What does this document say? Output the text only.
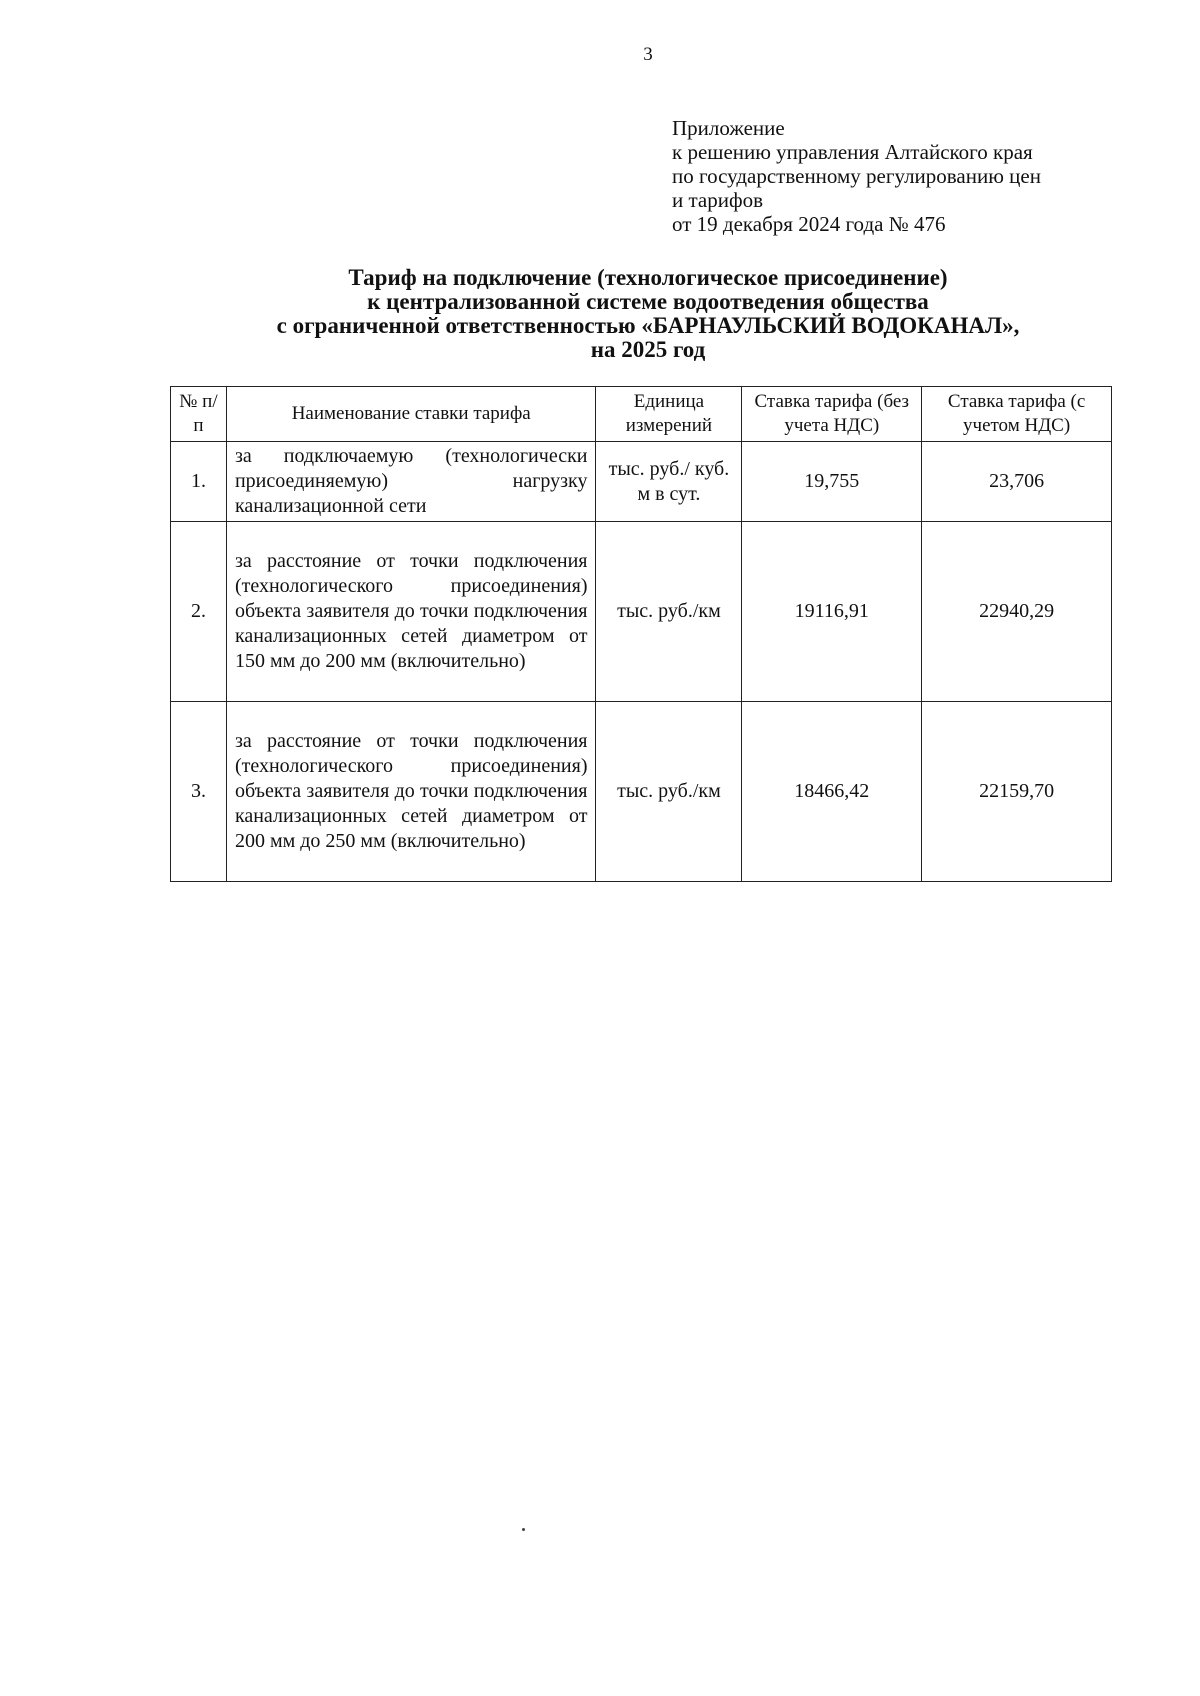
3
Приложение
к решению управления Алтайского края
по государственному регулированию цен
и тарифов
от 19 декабря 2024 года № 476
Тариф на подключение (технологическое присоединение)
к централизованной системе водоотведения общества
с ограниченной ответственностью «БАРНАУЛЬСКИЙ ВОДОКАНАЛ»,
на 2025 год
№ п/п	Наименование ставки тарифа	Единица измерений	Ставка тарифа (без учета НДС)	Ставка тарифа (с учетом НДС)
1.	за подключаемую (технологически присоединяемую) нагрузку канализационной сети	тыс. руб./ куб. м в сут.	19,755	23,706
2.	за расстояние от точки подключения (технологического присоединения) объекта заявителя до точки подключения канализационных сетей диаметром от 150 мм до 200 мм (включительно)	тыс. руб./км	19116,91	22940,29
3.	за расстояние от точки подключения (технологического присоединения) объекта заявителя до точки подключения канализационных сетей диаметром от 200 мм до 250 мм (включительно)	тыс. руб./км	18466,42	22159,70
